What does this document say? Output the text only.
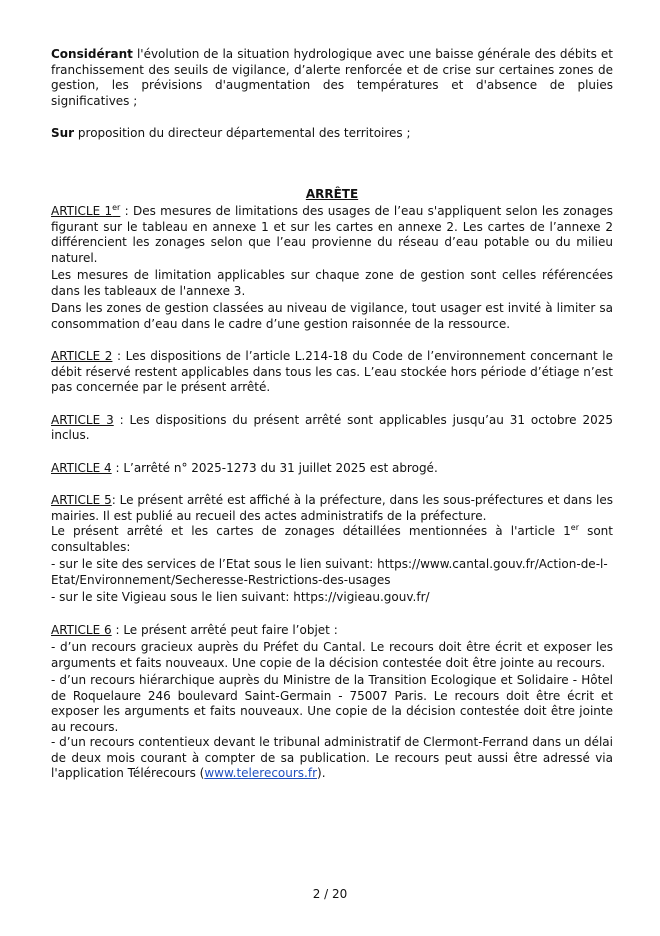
Considérant l'évolution de la situation hydrologique avec une baisse générale des débits et franchissement des seuils de vigilance, d’alerte renforcée et de crise sur certaines zones de gestion, les prévisions d'augmentation des températures et d'absence de pluies significatives ;

Sur proposition du directeur départemental des territoires ;

ARRÊTE

ARTICLE 1er : Des mesures de limitations des usages de l’eau s'appliquent selon les zonages figurant sur le tableau en annexe 1 et sur les cartes en annexe 2. Les cartes de l’annexe 2 différencient les zonages selon que l’eau provienne du réseau d’eau potable ou du milieu naturel.

Les mesures de limitation applicables sur chaque zone de gestion sont celles référencées dans les tableaux de l'annexe 3.

Dans les zones de gestion classées au niveau de vigilance, tout usager est invité à limiter sa consommation d’eau dans le cadre d’une gestion raisonnée de la ressource.

ARTICLE 2 : Les dispositions de l’article L.214-18 du Code de l’environnement concernant le débit réservé restent applicables dans tous les cas. L’eau stockée hors période d’étiage n’est pas concernée par le présent arrêté.

ARTICLE 3 : Les dispositions du présent arrêté sont applicables jusqu’au 31 octobre 2025 inclus.

ARTICLE 4 : L’arrêté n° 2025-1273 du 31 juillet 2025 est abrogé.

ARTICLE 5: Le présent arrêté est affiché à la préfecture, dans les sous-préfectures et dans les mairies. Il est publié au recueil des actes administratifs de la préfecture.

Le présent arrêté et les cartes de zonages détaillées mentionnées à l'article 1er sont consultables:

- sur le site des services de l’Etat sous le lien suivant: https://www.cantal.gouv.fr/Action-de-l-Etat/Environnement/Secheresse-Restrictions-des-usages

- sur le site Vigieau sous le lien suivant: https://vigieau.gouv.fr/

ARTICLE 6 : Le présent arrêté peut faire l’objet :

- d’un recours gracieux auprès du Préfet du Cantal. Le recours doit être écrit et exposer les arguments et faits nouveaux. Une copie de la décision contestée doit être jointe au recours.

- d’un recours hiérarchique auprès du Ministre de la Transition Ecologique et Solidaire - Hôtel de Roquelaure 246 boulevard Saint-Germain - 75007 Paris. Le recours doit être écrit et exposer les arguments et faits nouveaux. Une copie de la décision contestée doit être jointe au recours.

- d’un recours contentieux devant le tribunal administratif de Clermont-Ferrand dans un délai de deux mois courant à compter de sa publication. Le recours peut aussi être adressé via l'application Télérecours (www.telerecours.fr).

2 / 20
